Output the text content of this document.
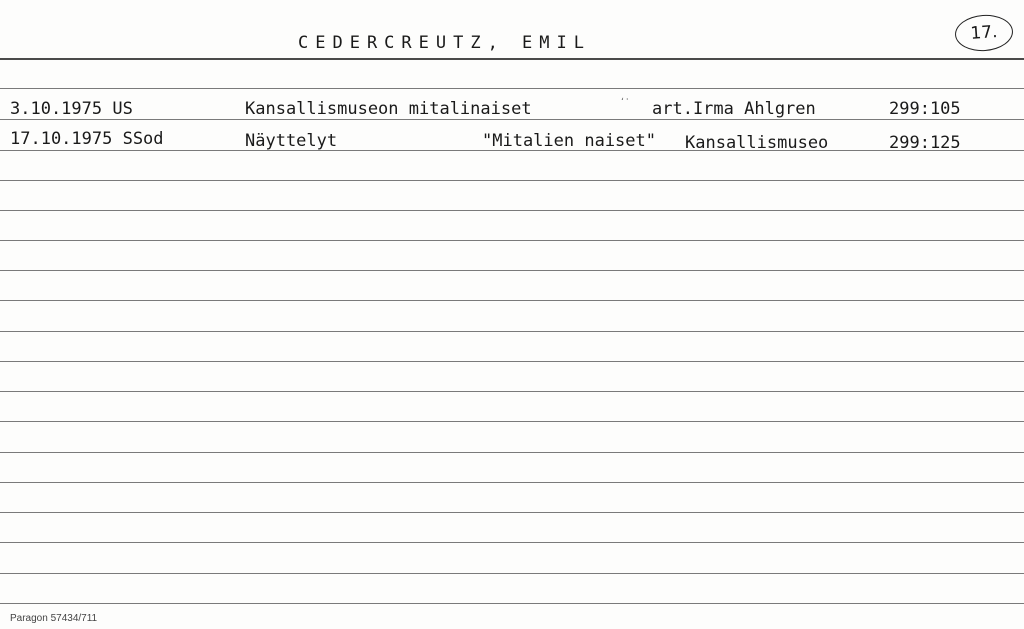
CEDERCREUTZ, EMIL	17.
3.10.1975 US	Kansallismuseon mitalinaiset	ʻʾ art.Irma Ahlgren	299:105
17.10.1975 SSod	Näyttelyt	"Mitalien naiset" Kansallismuseo	299:125
Paragon 57434/711
